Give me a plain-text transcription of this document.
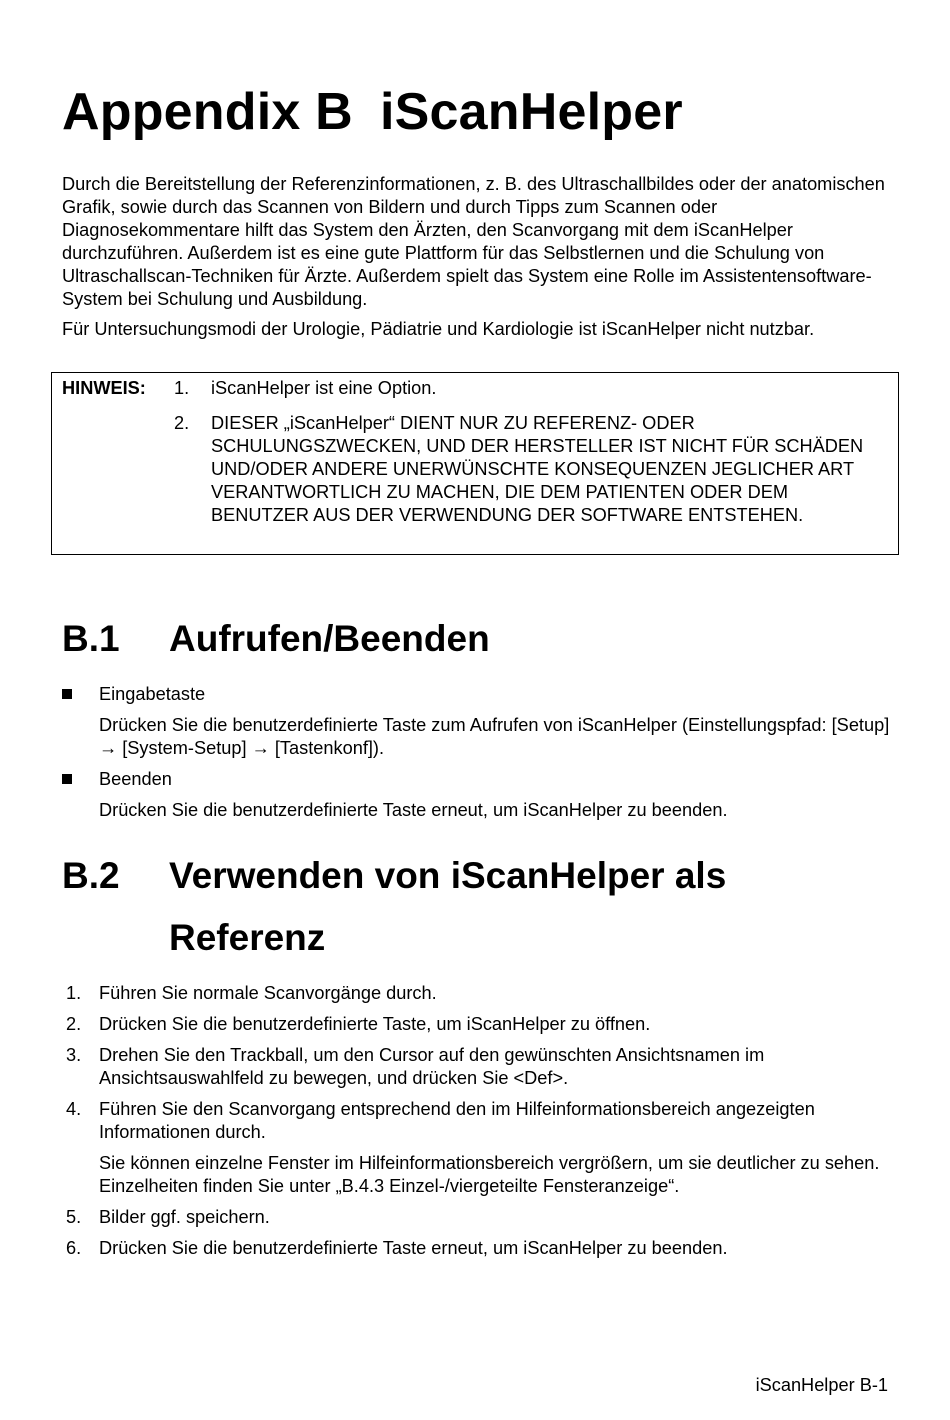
Appendix B iScanHelper

Durch die Bereitstellung der Referenzinformationen, z. B. des Ultraschallbildes oder der anatomischen Grafik, sowie durch das Scannen von Bildern und durch Tipps zum Scannen oder Diagnosekommentare hilft das System den Ärzten, den Scanvorgang mit dem iScanHelper durchzuführen. Außerdem ist es eine gute Plattform für das Selbstlernen und die Schulung von Ultraschallscan-Techniken für Ärzte. Außerdem spielt das System eine Rolle im Assistentensoftware-System bei Schulung und Ausbildung.

Für Untersuchungsmodi der Urologie, Pädiatrie und Kardiologie ist iScanHelper nicht nutzbar.

HINWEIS: 1. iScanHelper ist eine Option.
2. DIESER „iScanHelper“ DIENT NUR ZU REFERENZ- ODER SCHULUNGSZWECKEN, UND DER HERSTELLER IST NICHT FÜR SCHÄDEN UND/ODER ANDERE UNERWÜNSCHTE KONSEQUENZEN JEGLICHER ART VERANTWORTLICH ZU MACHEN, DIE DEM PATIENTEN ODER DEM BENUTZER AUS DER VERWENDUNG DER SOFTWARE ENTSTEHEN.
B.1 Aufrufen/Beenden
Eingabetaste
Drücken Sie die benutzerdefinierte Taste zum Aufrufen von iScanHelper (Einstellungspfad: [Setup] → [System-Setup] → [Tastenkonf]).
Beenden
Drücken Sie die benutzerdefinierte Taste erneut, um iScanHelper zu beenden.
B.2 Verwenden von iScanHelper als Referenz
1. Führen Sie normale Scanvorgänge durch.
2. Drücken Sie die benutzerdefinierte Taste, um iScanHelper zu öffnen.
3. Drehen Sie den Trackball, um den Cursor auf den gewünschten Ansichtsnamen im Ansichtsauswahlfeld zu bewegen, und drücken Sie <Def>.
4. Führen Sie den Scanvorgang entsprechend den im Hilfeinformationsbereich angezeigten Informationen durch.
Sie können einzelne Fenster im Hilfeinformationsbereich vergrößern, um sie deutlicher zu sehen. Einzelheiten finden Sie unter „B.4.3 Einzel-/viergeteilte Fensteranzeige“.
5. Bilder ggf. speichern.
6. Drücken Sie die benutzerdefinierte Taste erneut, um iScanHelper zu beenden.
iScanHelper B-1
